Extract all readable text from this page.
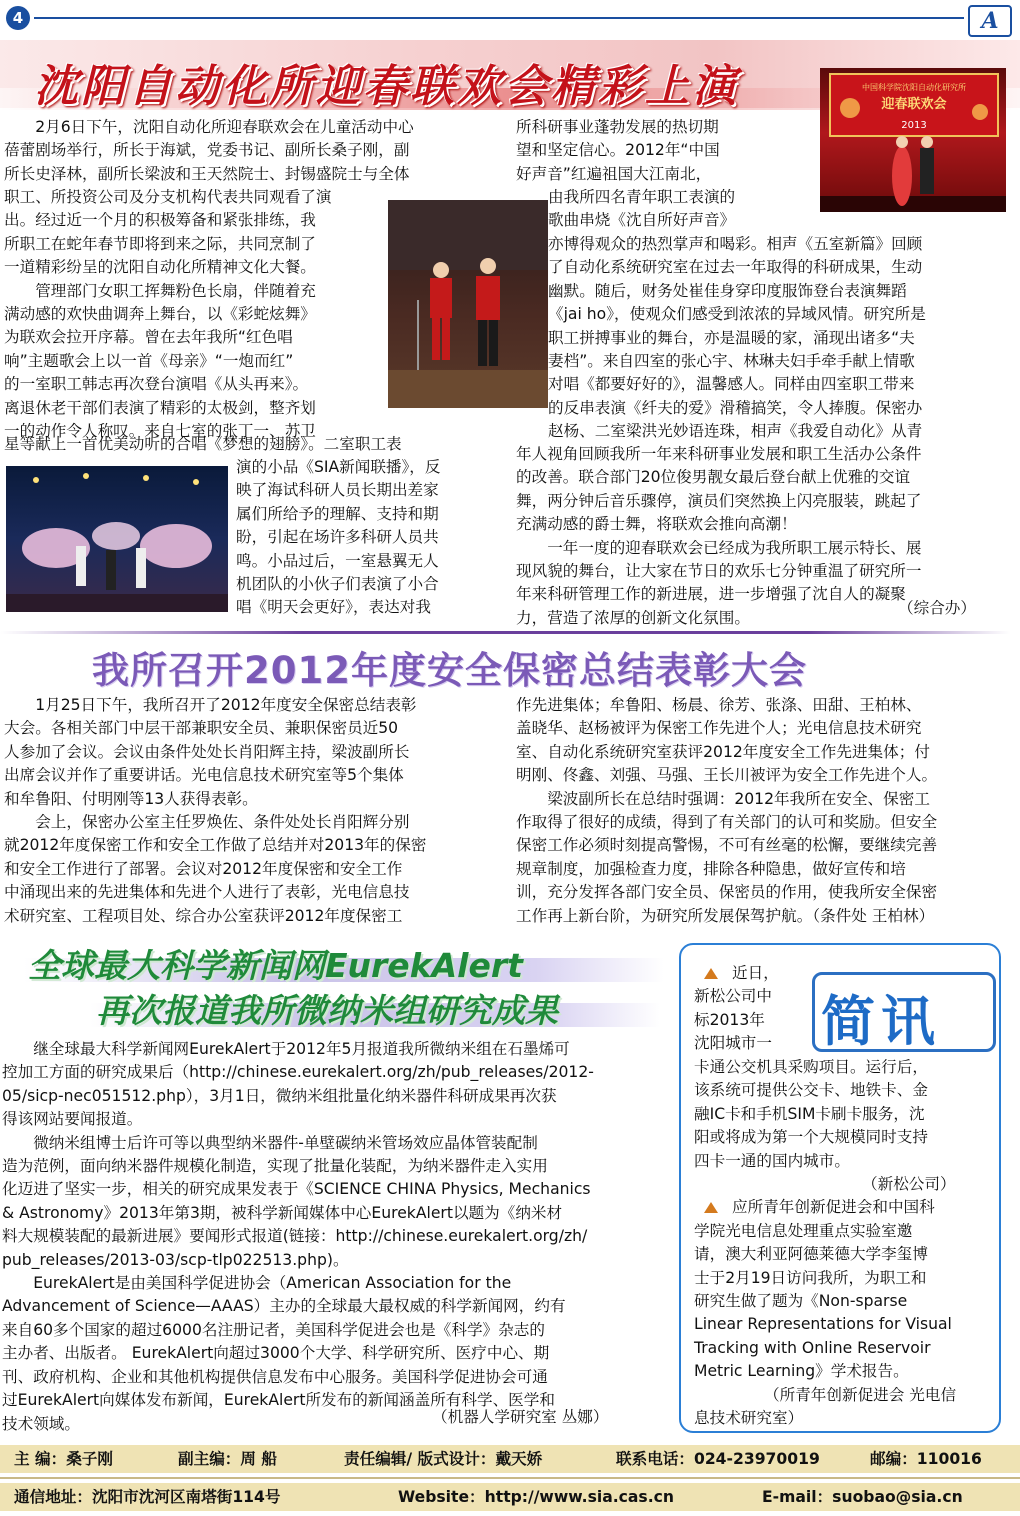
4	A
沈阳自动化所迎春联欢会精彩上演	中国科学院沈阳自动化研究所
迎春联欢会
2013

2月6日下午，沈阳自动化所迎春联欢会在儿童活动中心

蓓蕾剧场举行，所长于海斌，党委书记、副所长桑子刚，副
所长史泽林，副所长梁波和王天然院士、封锡盛院士与全体
职工、所投资公司及分支机构代表共同观看了演
出。经过近一个月的积极筹备和紧张排练，我
所职工在蛇年春节即将到来之际，共同烹制了
一道精彩纷呈的沈阳自动化所精神文化大餐。

管理部门女职工挥舞粉色长扇，伴随着充

满动感的欢快曲调奔上舞台，以《彩蛇炫舞》
为联欢会拉开序幕。曾在去年我所“红色唱
响”主题歌会上以一首《母亲》“一炮而红”
的一室职工韩志再次登台演唱《从头再来》。
离退休老干部们表演了精彩的太极剑，整齐划
一的动作令人称叹。来自七室的张丁一、苏卫
星等献上一首优美动听的合唱《梦想的翅膀》。二室职工表
演的小品《SIA新闻联播》，反
映了海试科研人员长期出差家
属们所给予的理解、支持和期
盼，引起在场许多科研人员共
鸣。小品过后，一室悬翼无人
机团队的小伙子们表演了小合
唱《明天会更好》，表达对我
所科研事业蓬勃发展的热切期
望和坚定信心。2012年“中国
好声音”红遍祖国大江南北，
由我所四名青年职工表演的
歌曲串烧《沈自所好声音》
亦博得观众的热烈掌声和喝彩。相声《五室新篇》回顾
了自动化系统研究室在过去一年取得的科研成果，生动
幽默。随后，财务处崔佳身穿印度服饰登台表演舞蹈
《jai ho》，使观众们感受到浓浓的异域风情。研究所是
职工拼搏事业的舞台，亦是温暖的家，涌现出诸多“夫
妻档”。来自四室的张心宇、林琳夫妇手牵手献上情歌
对唱《都要好好的》，温馨感人。同样由四室职工带来
的反串表演《纤夫的爱》滑稽搞笑，令人捧腹。保密办
赵杨、二室梁洪光妙语连珠，相声《我爱自动化》从青
年人视角回顾我所一年来科研事业发展和职工生活办公条件
的改善。联合部门20位俊男靓女最后登台献上优雅的交谊
舞，两分钟后音乐骤停，演员们突然换上闪亮服装，跳起了
充满动感的爵士舞，将联欢会推向高潮！

一年一度的迎春联欢会已经成为我所职工展示特长、展

现风貌的舞台，让大家在节日的欢乐七分钟重温了研究所一
年来科研管理工作的新进展，进一步增强了沈自人的凝聚
力，营造了浓厚的创新文化氛围。
（综合办）
我所召开2012年度安全保密总结表彰大会

1月25日下午，我所召开了2012年度安全保密总结表彰

大会。各相关部门中层干部兼职安全员、兼职保密员近50
人参加了会议。会议由条件处处长肖阳辉主持，梁波副所长
出席会议并作了重要讲话。光电信息技术研究室等5个集体
和牟鲁阳、付明刚等13人获得表彰。

会上，保密办公室主任罗焕佐、条件处处长肖阳辉分别

就2012年度保密工作和安全工作做了总结并对2013年的保密
和安全工作进行了部署。会议对2012年度保密和安全工作
中涌现出来的先进集体和先进个人进行了表彰，光电信息技
术研究室、工程项目处、综合办公室获评2012年度保密工
作先进集体；牟鲁阳、杨晨、徐芳、张涤、田甜、王柏林、
盖晓华、赵杨被评为保密工作先进个人；光电信息技术研究
室、自动化系统研究室获评2012年度安全工作先进集体；付
明刚、佟鑫、刘强、马强、王长川被评为安全工作先进个人。

梁波副所长在总结时强调：2012年我所在安全、保密工

作取得了很好的成绩，得到了有关部门的认可和奖励。但安全
保密工作必须时刻提高警惕，不可有丝毫的松懈，要继续完善
规章制度，加强检查力度，排除各种隐患，做好宣传和培
训，充分发挥各部门安全员、保密员的作用，使我所安全保密
工作再上新台阶，为研究所发展保驾护航。（条件处 王柏林）
全球最大科学新闻网EurekAlert
再次报道我所微纳米组研究成果

继全球最大科学新闻网EurekAlert于2012年5月报道我所微纳米组在石墨烯可

控加工方面的研究成果后（http://chinese.eurekalert.org/zh/pub_releases/2012-
05/sicp-nec051512.php），3月1日，微纳米组批量化纳米器件科研成果再次获
得该网站要闻报道。

微纳米组博士后许可等以典型纳米器件-单壁碳纳米管场效应晶体管装配制

造为范例，面向纳米器件规模化制造，实现了批量化装配，为纳米器件走入实用
化迈进了坚实一步，相关的研究成果发表于《SCIENCE CHINA Physics, Mechanics
& Astronomy》2013年第3期，被科学新闻媒体中心EurekAlert以题为《纳米材
料大规模装配的最新进展》要闻形式报道(链接：http://chinese.eurekalert.org/zh/
pub_releases/2013-03/scp-tlp022513.php)。

EurekAlert是由美国科学促进协会（American Association for the

Advancement of Science—AAAS）主办的全球最大最权威的科学新闻网，约有
来自60多个国家的超过6000名注册记者，美国科学促进会也是《科学》杂志的
主办者、出版者。 EurekAlert向超过3000个大学、科学研究所、医疗中心、期
刊、政府机构、企业和其他机构提供信息发布中心服务。美国科学促进协会可通
过EurekAlert向媒体发布新闻，EurekAlert所发布的新闻涵盖所有科学、医学和
技术领域。	（机器人学研究室 丛娜）
简讯
近日，
新松公司中
标2013年
沈阳城市一
卡通公交机具采购项目。运行后，
该系统可提供公交卡、地铁卡、金
融IC卡和手机SIM卡刷卡服务，沈
阳或将成为第一个大规模同时支持
四卡一通的国内城市。
（新松公司）
应所青年创新促进会和中国科
学院光电信息处理重点实验室邀
请，澳大利亚阿德莱德大学李玺博
士于2月19日访问我所，为职工和
研究生做了题为《Non-sparse
Linear Representations for Visual
Tracking with Online Reservoir
Metric Learning》学术报告。
（所青年创新促进会 光电信
息技术研究室）
主 编：桑子刚	副主编：周 船	责任编辑/ 版式设计：戴天娇	联系电话：024-23970019	邮编：110016
通信地址：沈阳市沈河区南塔街114号	Website：http://www.sia.cas.cn	E-mail：suobao@sia.cn
